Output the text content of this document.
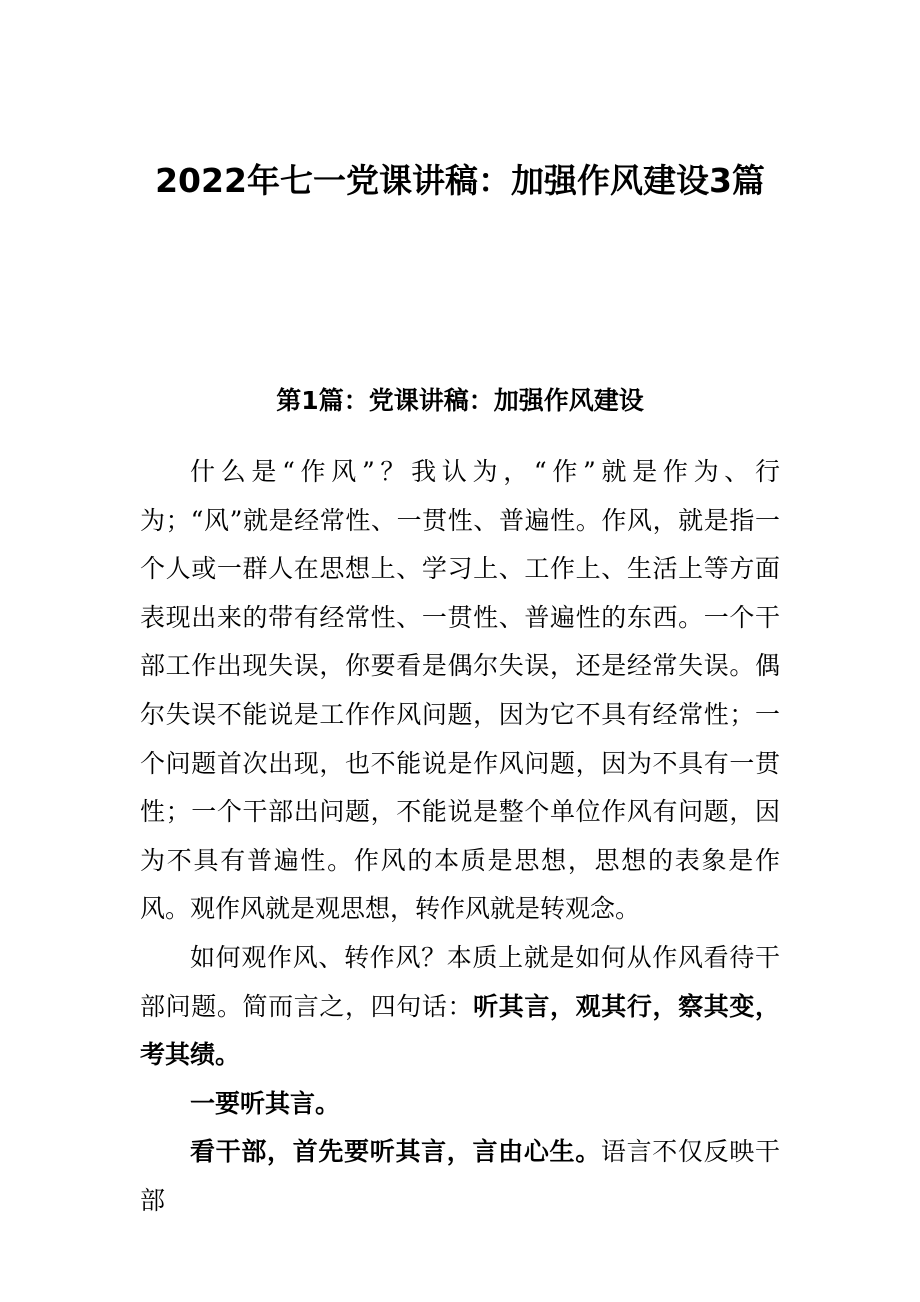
2022年七一党课讲稿：加强作风建设3篇
第1篇：党课讲稿：加强作风建设

什么是“作风”？我认为，“作”就是作为、行为；“风”就是经常性、一贯性、普遍性。作风，就是指一个人或一群人在思想上、学习上、工作上、生活上等方面表现出来的带有经常性、一贯性、普遍性的东西。一个干部工作出现失误，你要看是偶尔失误，还是经常失误。偶尔失误不能说是工作作风问题，因为它不具有经常性；一个问题首次出现，也不能说是作风问题，因为不具有一贯性；一个干部出问题，不能说是整个单位作风有问题，因为不具有普遍性。作风的本质是思想，思想的表象是作风。观作风就是观思想，转作风就是转观念。

如何观作风、转作风？本质上就是如何从作风看待干部问题。简而言之，四句话：听其言，观其行，察其变，考其绩。

一要听其言。

看干部，首先要听其言，言由心生。语言不仅反映干部
